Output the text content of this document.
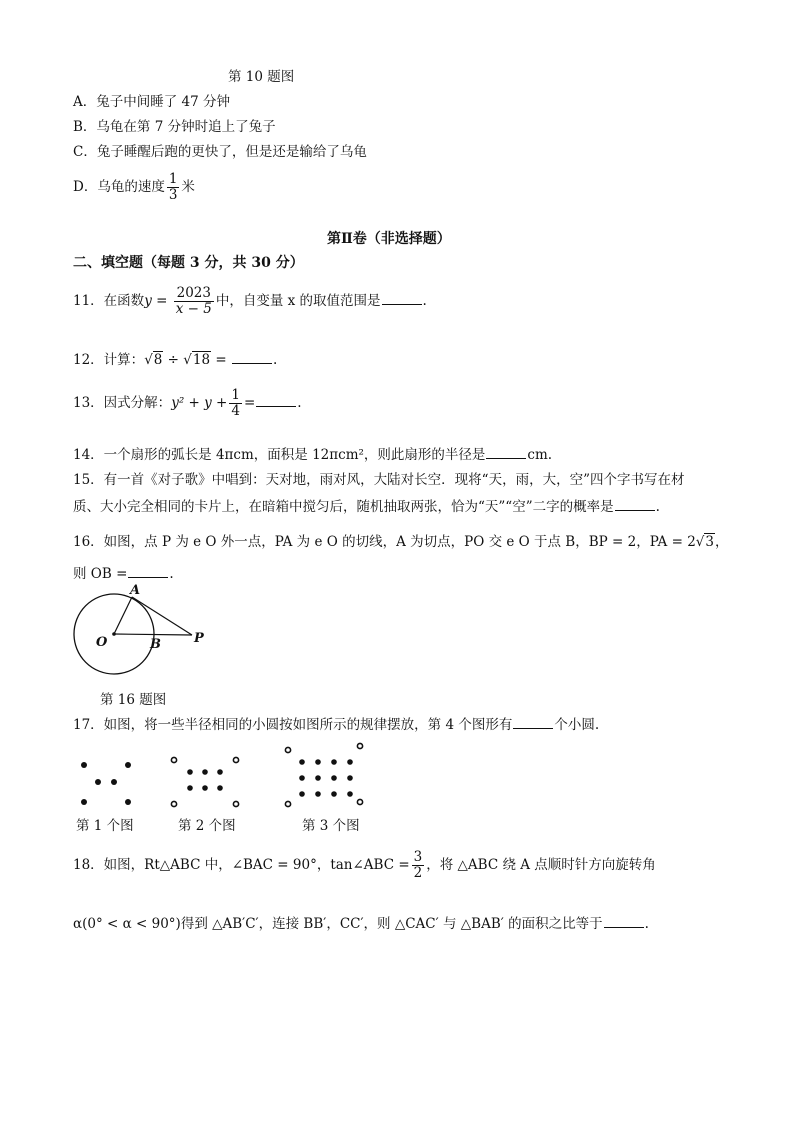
第 10 题图
A．兔子中间睡了 47 分钟
B．乌龟在第 7 分钟时追上了兔子
C．兔子睡醒后跑的更快了，但是还是输给了乌龟
D．乌龟的速度 $\frac{1}{3}$ 米
第Ⅱ卷（非选择题）
二、填空题（每题 3 分，共 30 分）
11．在函数$y = \frac{2023}{x - 5}$ 中，自变量 x 的取值范围是	.
12．计算：√8 ÷ √18 =	.
13．因式分解：$y^2 + y + \frac{1}{4}$ =	.
14．一个扇形的弧长是 4πcm，面积是 12πcm²，则此扇形的半径是	cm.
15．有一首《对子歌》中唱到：天对地，雨对风，大陆对长空．现将“天，雨，大，空”四个字书写在材
质、大小完全相同的卡片上，在暗箱中搅匀后，随机抽取两张，恰为“天”“空”二字的概率是	.
16．如图，点 P 为 e O 外一点，PA 为 e O 的切线，A 为切点，PO 交 e O 于点 B，BP = 2，PA = 2√3，
则 OB =	.
A
O	B	P
第 16 题图
17．如图，将一些半径相同的小圆按如图所示的规律摆放，第 4 个图形有	个小圆.
第 1 个图	第 2 个图	第 3 个图
18．如图，Rt△ABC 中，∠BAC = 90°，tan∠ABC = $\frac{3}{2}$ ，将 △ABC 绕 A 点顺时针方向旋转角
α(0° < α < 90°)得到 △AB′C′，连接 BB′，CC′，则 △CAC′ 与 △BAB′ 的面积之比等于	.
